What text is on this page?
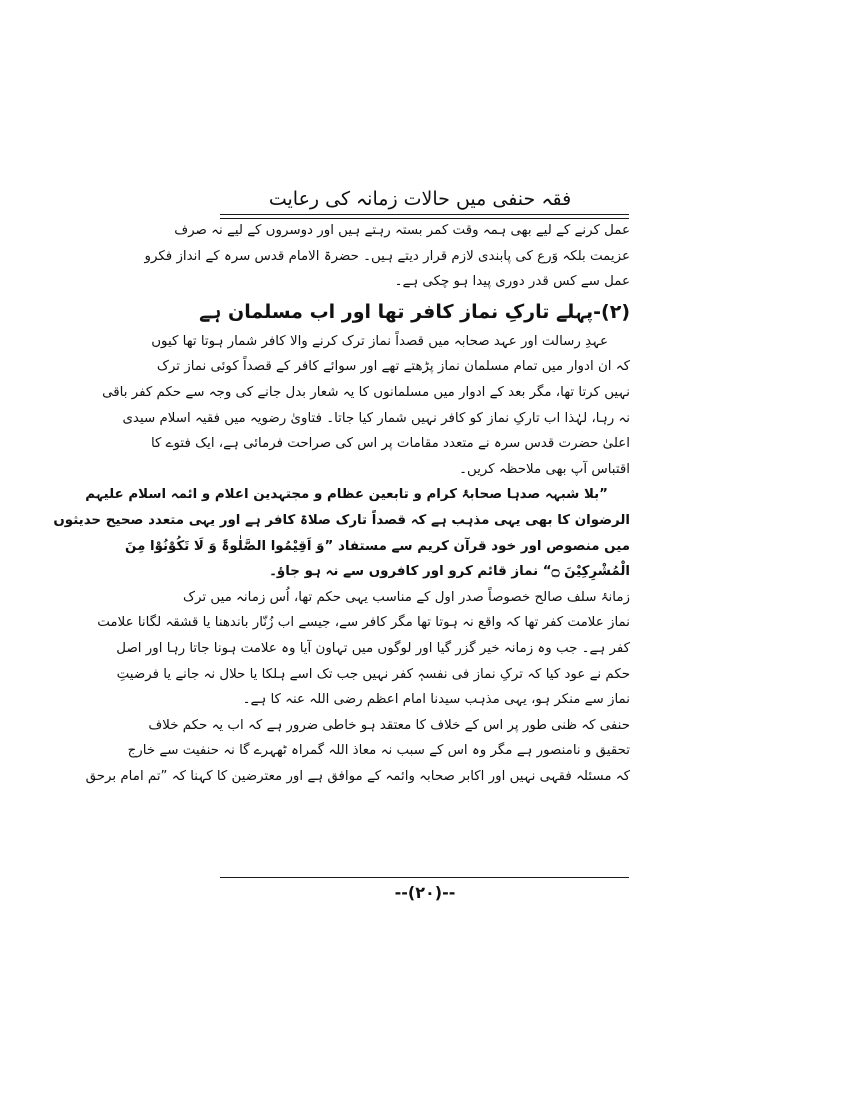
فقہ حنفی میں حالات زمانہ کی رعایت
عمل کرنے کے لیے بھی ہمہ وقت کمر بستہ رہتے ہیں اور دوسروں کے لیے نہ صرف
عزیمت بلکہ وَرع کی پابندی لازم قرار دیتے ہیں۔ حضرۃ الامام قدس سرہ کے انداز فکرو
عمل سے کس قدر دوری پیدا ہو چکی ہے۔
(۲)-پہلے تارکِ نماز کافر تھا اور اب مسلمان ہے
عہدِ رسالت اور عہد صحابہ میں قصداً نماز ترک کرنے والا کافر شمار ہوتا تھا کیوں
کہ ان ادوار میں تمام مسلمان نماز پڑھتے تھے اور سوائے کافر کے قصداً کوئی نماز ترک
نہیں کرتا تھا، مگر بعد کے ادوار میں مسلمانوں کا یہ شعار بدل جانے کی وجہ سے حکم کفر باقی
نہ رہا، لہٰذا اب تارکِ نماز کو کافر نہیں شمار کیا جاتا۔ فتاویٰ رضویہ میں فقیہ اسلام سیدی
اعلیٰ حضرت قدس سرہ نے متعدد مقامات پر اس کی صراحت فرمائی ہے، ایک فتوے کا
اقتباس آپ بھی ملاحظہ کریں۔
”بلا شبہہ صدہا صحابۂ کرام و تابعین عظام و مجتہدین اعلام و ائمہ اسلام علیہم
الرضوان کا بھی یہی مذہب ہے کہ قصداً تارک صلاۃ کافر ہے اور یہی متعدد صحیح حدیثوں
میں منصوص اور خود قرآن کریم سے مستفاد ”وَ اَقِیْمُوا الصَّلٰوۃَ وَ لَا تَكُوْنُوْا مِنَ
الْمُشْرِكِیْنَ ۝“ نماز قائم کرو اور کافروں سے نہ ہو جاؤ۔
زمانۂ سلف صالح خصوصاً صدر اول کے مناسب یہی حکم تھا، اُس زمانہ میں ترک
نماز علامت کفر تھا کہ واقع نہ ہوتا تھا مگر کافر سے، جیسے اب زُنّار باندھنا یا قشقہ لگانا علامت
کفر ہے۔ جب وہ زمانہ خیر گزر گیا اور لوگوں میں تہاون آیا وہ علامت ہونا جاتا رہا اور اصل
حکم نے عود کیا کہ ترکِ نماز فی نفسہٖ کفر نہیں جب تک اسے ہلکا یا حلال نہ جانے یا فرضیتِ
نماز سے منکر ہو، یہی مذہب سیدنا امام اعظم رضی اللہ عنہ کا ہے۔
حنفی کہ ظنی طور پر اس کے خلاف کا معتقد ہو خاطی ضرور ہے کہ اب یہ حکم خلاف
تحقیق و نامنصور ہے مگر وہ اس کے سبب نہ معاذ اللہ گمراہ ٹھہرے گا نہ حنفیت سے خارج
کہ مسئلہ فقہی نہیں اور اکابر صحابہ وائمہ کے موافق ہے اور معترضین کا کہنا کہ ”تم امام برحق
--(۲۰)--
